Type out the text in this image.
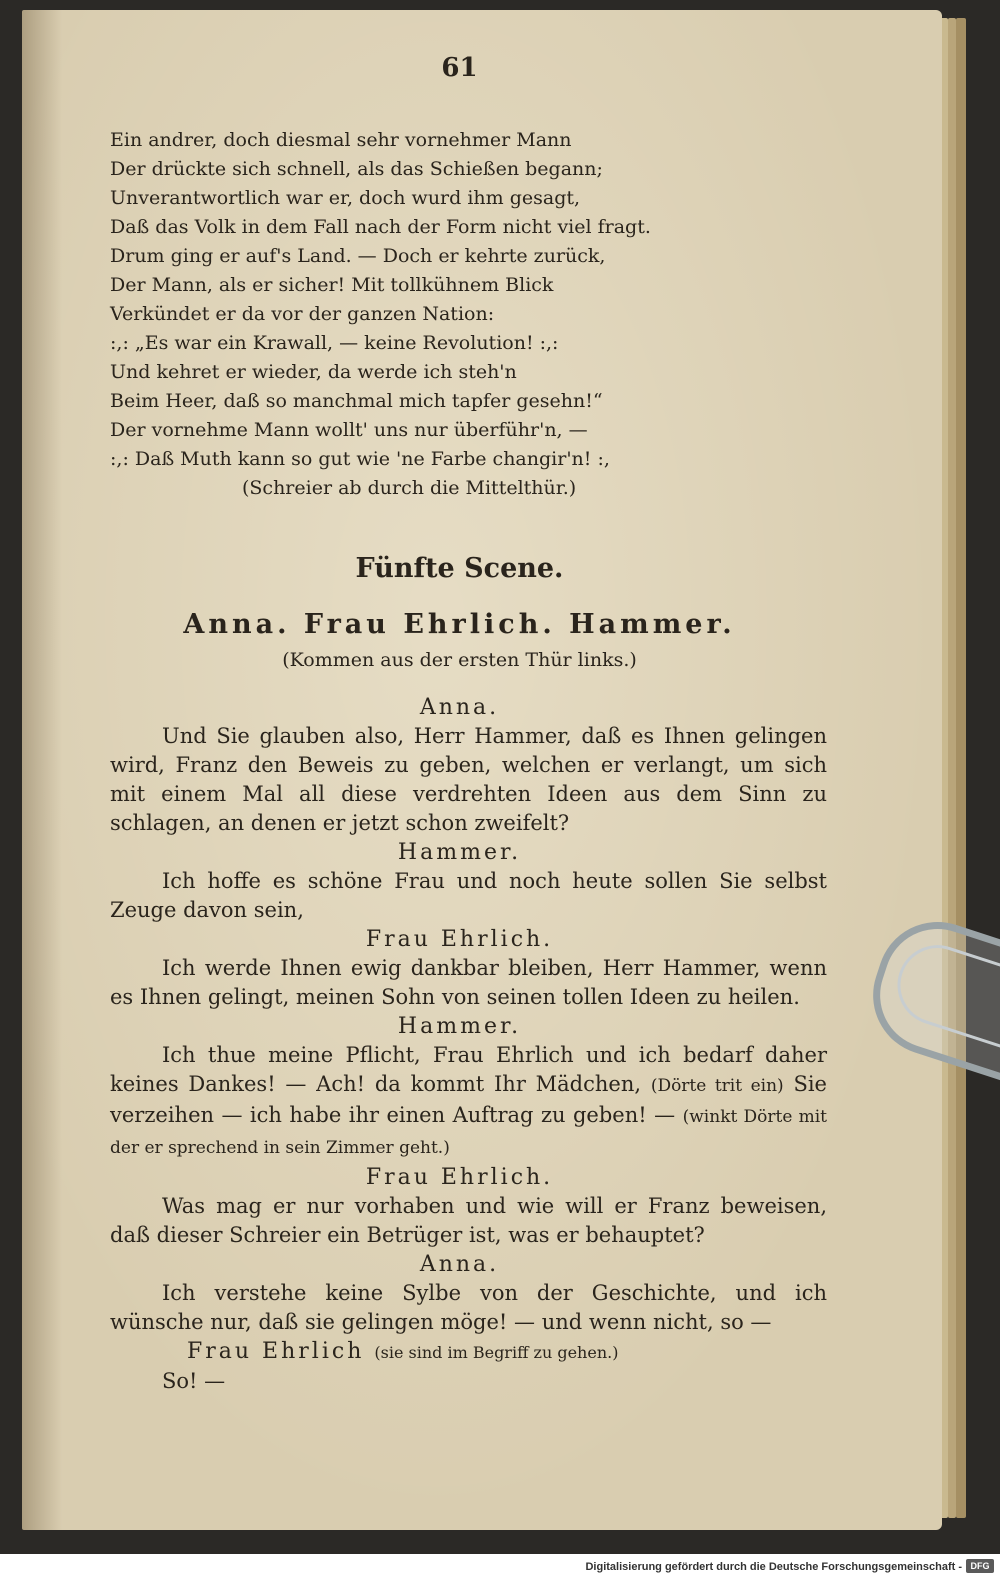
61
Ein andrer, doch diesmal sehr vornehmer Mann
Der drückte sich schnell, als das Schießen begann;
Unverantwortlich war er, doch wurd ihm gesagt,
Daß das Volk in dem Fall nach der Form nicht viel fragt.
Drum ging er auf's Land. — Doch er kehrte zurück,
Der Mann, als er sicher! Mit tollkühnem Blick
Verkündet er da vor der ganzen Nation:
:,: „Es war ein Krawall, — keine Revolution! :,:
Und kehret er wieder, da werde ich steh'n
Beim Heer, daß so manchmal mich tapfer gesehn!“
Der vornehme Mann wollt' uns nur überführ'n, —
:,: Daß Muth kann so gut wie 'ne Farbe changir'n! :,
(Schreier ab durch die Mittelthür.)
Fünfte Scene.
Anna. Frau Ehrlich. Hammer.
(Kommen aus der ersten Thür links.)
Anna.
Und Sie glauben also, Herr Hammer, daß es Ihnen gelingen wird, Franz den Beweis zu geben, welchen er verlangt, um sich mit einem Mal all diese verdrehten Ideen aus dem Sinn zu schlagen, an denen er jetzt schon zweifelt?
Hammer.
Ich hoffe es schöne Frau und noch heute sollen Sie selbst Zeuge davon sein,
Frau Ehrlich.
Ich werde Ihnen ewig dankbar bleiben, Herr Hammer, wenn es Ihnen gelingt, meinen Sohn von seinen tollen Ideen zu heilen.
Hammer.
Ich thue meine Pflicht, Frau Ehrlich und ich bedarf daher keines Dankes! — Ach! da kommt Ihr Mädchen, (Dörte trit ein) Sie verzeihen — ich habe ihr einen Auftrag zu geben! — (winkt Dörte mit der er sprechend in sein Zimmer geht.)
Frau Ehrlich.
Was mag er nur vorhaben und wie will er Franz beweisen, daß dieser Schreier ein Betrüger ist, was er behauptet?
Anna.
Ich verstehe keine Sylbe von der Geschichte, und ich wünsche nur, daß sie gelingen möge! — und wenn nicht, so —
Frau Ehrlich (sie sind im Begriff zu gehen.)
So! —
Digitalisierung gefördert durch die Deutsche Forschungsgemeinschaft - DFG
